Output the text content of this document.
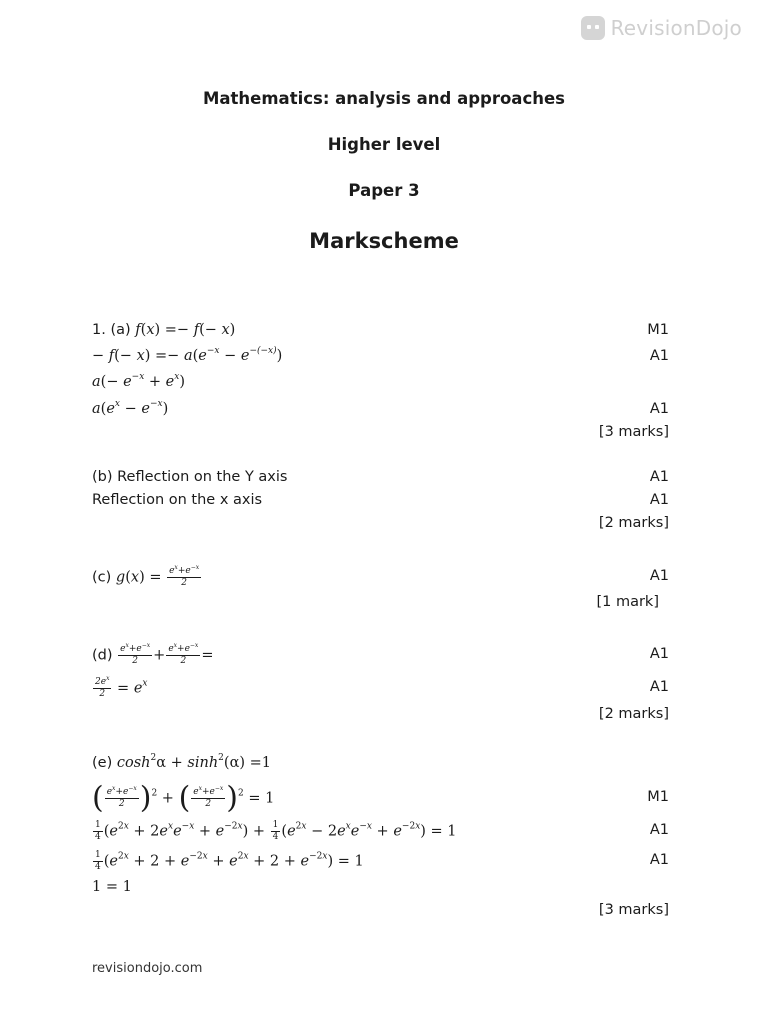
RevisionDojo
Mathematics: analysis and approaches
Higher level
Paper 3
Markscheme
1. (a) f(x) =− f(− x)	M1
− $f(- x) =- a(e^{-x} - e^{-(-x)})$	A1
$a(- e^{-x} + e^x)$
$a(e^x - e^{-x})$	A1
[3 marks]
(b) Reflection on the Y axis	A1
Reflection on the x axis	A1
[2 marks]
(c) $g(x) = \frac{e^x+e^{-x}}{2}$	A1
[1 mark]
$(d) \frac{e^x+e^{-x}}{2} + \frac{e^x+e^{-x}}{2}$ =	A1
$\frac{2e^x}{2} = e^x$	A1
[2 marks]
(e) $\cosh^2\alpha + \sinh^2(\alpha) =1$
( $\frac{e^x+e^{-x}}{2} )^2$ + ( $\frac{e^x+e^{-x}}{2} )^2 = 1$	M1
$\frac{1}{4} (e^{2x} + 2e^xe^{-x} + e^{-2x}) + \frac{1}{4} (e^{2x} - 2e^xe^{-x} + e^{-2x}) = 1$	A1
$\frac{1}{4} (e^{2x} + 2 + e^{-2x} + e^{2x} + 2 + e^{-2x}) = 1$	A1
1 = 1
[3 marks]
revisiondojo.com
